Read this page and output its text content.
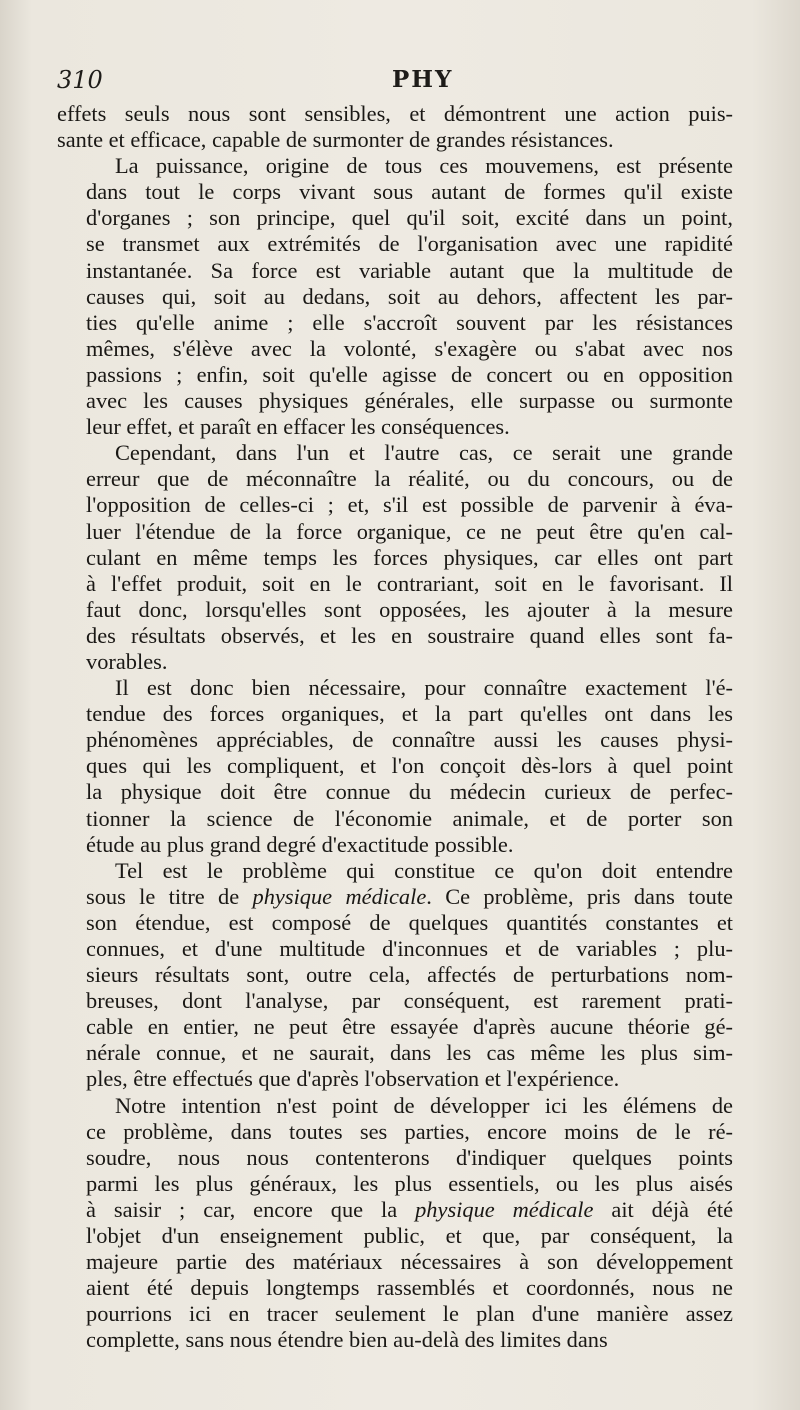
310	PHY
effets seuls nous sont sensibles, et démontrent une action puis-
sante et efficace, capable de surmonter de grandes résistances.
La puissance, origine de tous ces mouvemens, est présente
dans tout le corps vivant sous autant de formes qu'il existe
d'organes ; son principe, quel qu'il soit, excité dans un point,
se transmet aux extrémités de l'organisation avec une rapidité
instantanée. Sa force est variable autant que la multitude de
causes qui, soit au dedans, soit au dehors, affectent les par-
ties qu'elle anime ; elle s'accroît souvent par les résistances
mêmes, s'élève avec la volonté, s'exagère ou s'abat avec nos
passions ; enfin, soit qu'elle agisse de concert ou en opposition
avec les causes physiques générales, elle surpasse ou surmonte
leur effet, et paraît en effacer les conséquences.
Cependant, dans l'un et l'autre cas, ce serait une grande
erreur que de méconnaître la réalité, ou du concours, ou de
l'opposition de celles-ci ; et, s'il est possible de parvenir à éva-
luer l'étendue de la force organique, ce ne peut être qu'en cal-
culant en même temps les forces physiques, car elles ont part
à l'effet produit, soit en le contrariant, soit en le favorisant. Il
faut donc, lorsqu'elles sont opposées, les ajouter à la mesure
des résultats observés, et les en soustraire quand elles sont fa-
vorables.
Il est donc bien nécessaire, pour connaître exactement l'é-
tendue des forces organiques, et la part qu'elles ont dans les
phénomènes appréciables, de connaître aussi les causes physi-
ques qui les compliquent, et l'on conçoit dès-lors à quel point
la physique doit être connue du médecin curieux de perfec-
tionner la science de l'économie animale, et de porter son
étude au plus grand degré d'exactitude possible.
Tel est le problème qui constitue ce qu'on doit entendre
sous le titre de physique médicale. Ce problème, pris dans toute
son étendue, est composé de quelques quantités constantes et
connues, et d'une multitude d'inconnues et de variables ; plu-
sieurs résultats sont, outre cela, affectés de perturbations nom-
breuses, dont l'analyse, par conséquent, est rarement prati-
cable en entier, ne peut être essayée d'après aucune théorie gé-
nérale connue, et ne saurait, dans les cas même les plus sim-
ples, être effectués que d'après l'observation et l'expérience.
Notre intention n'est point de développer ici les élémens de
ce problème, dans toutes ses parties, encore moins de le ré-
soudre, nous nous contenterons d'indiquer quelques points
parmi les plus généraux, les plus essentiels, ou les plus aisés
à saisir ; car, encore que la physique médicale ait déjà été
l'objet d'un enseignement public, et que, par conséquent, la
majeure partie des matériaux nécessaires à son développement
aient été depuis longtemps rassemblés et coordonnés, nous ne
pourrions ici en tracer seulement le plan d'une manière assez
complette, sans nous étendre bien au-delà des limites dans
